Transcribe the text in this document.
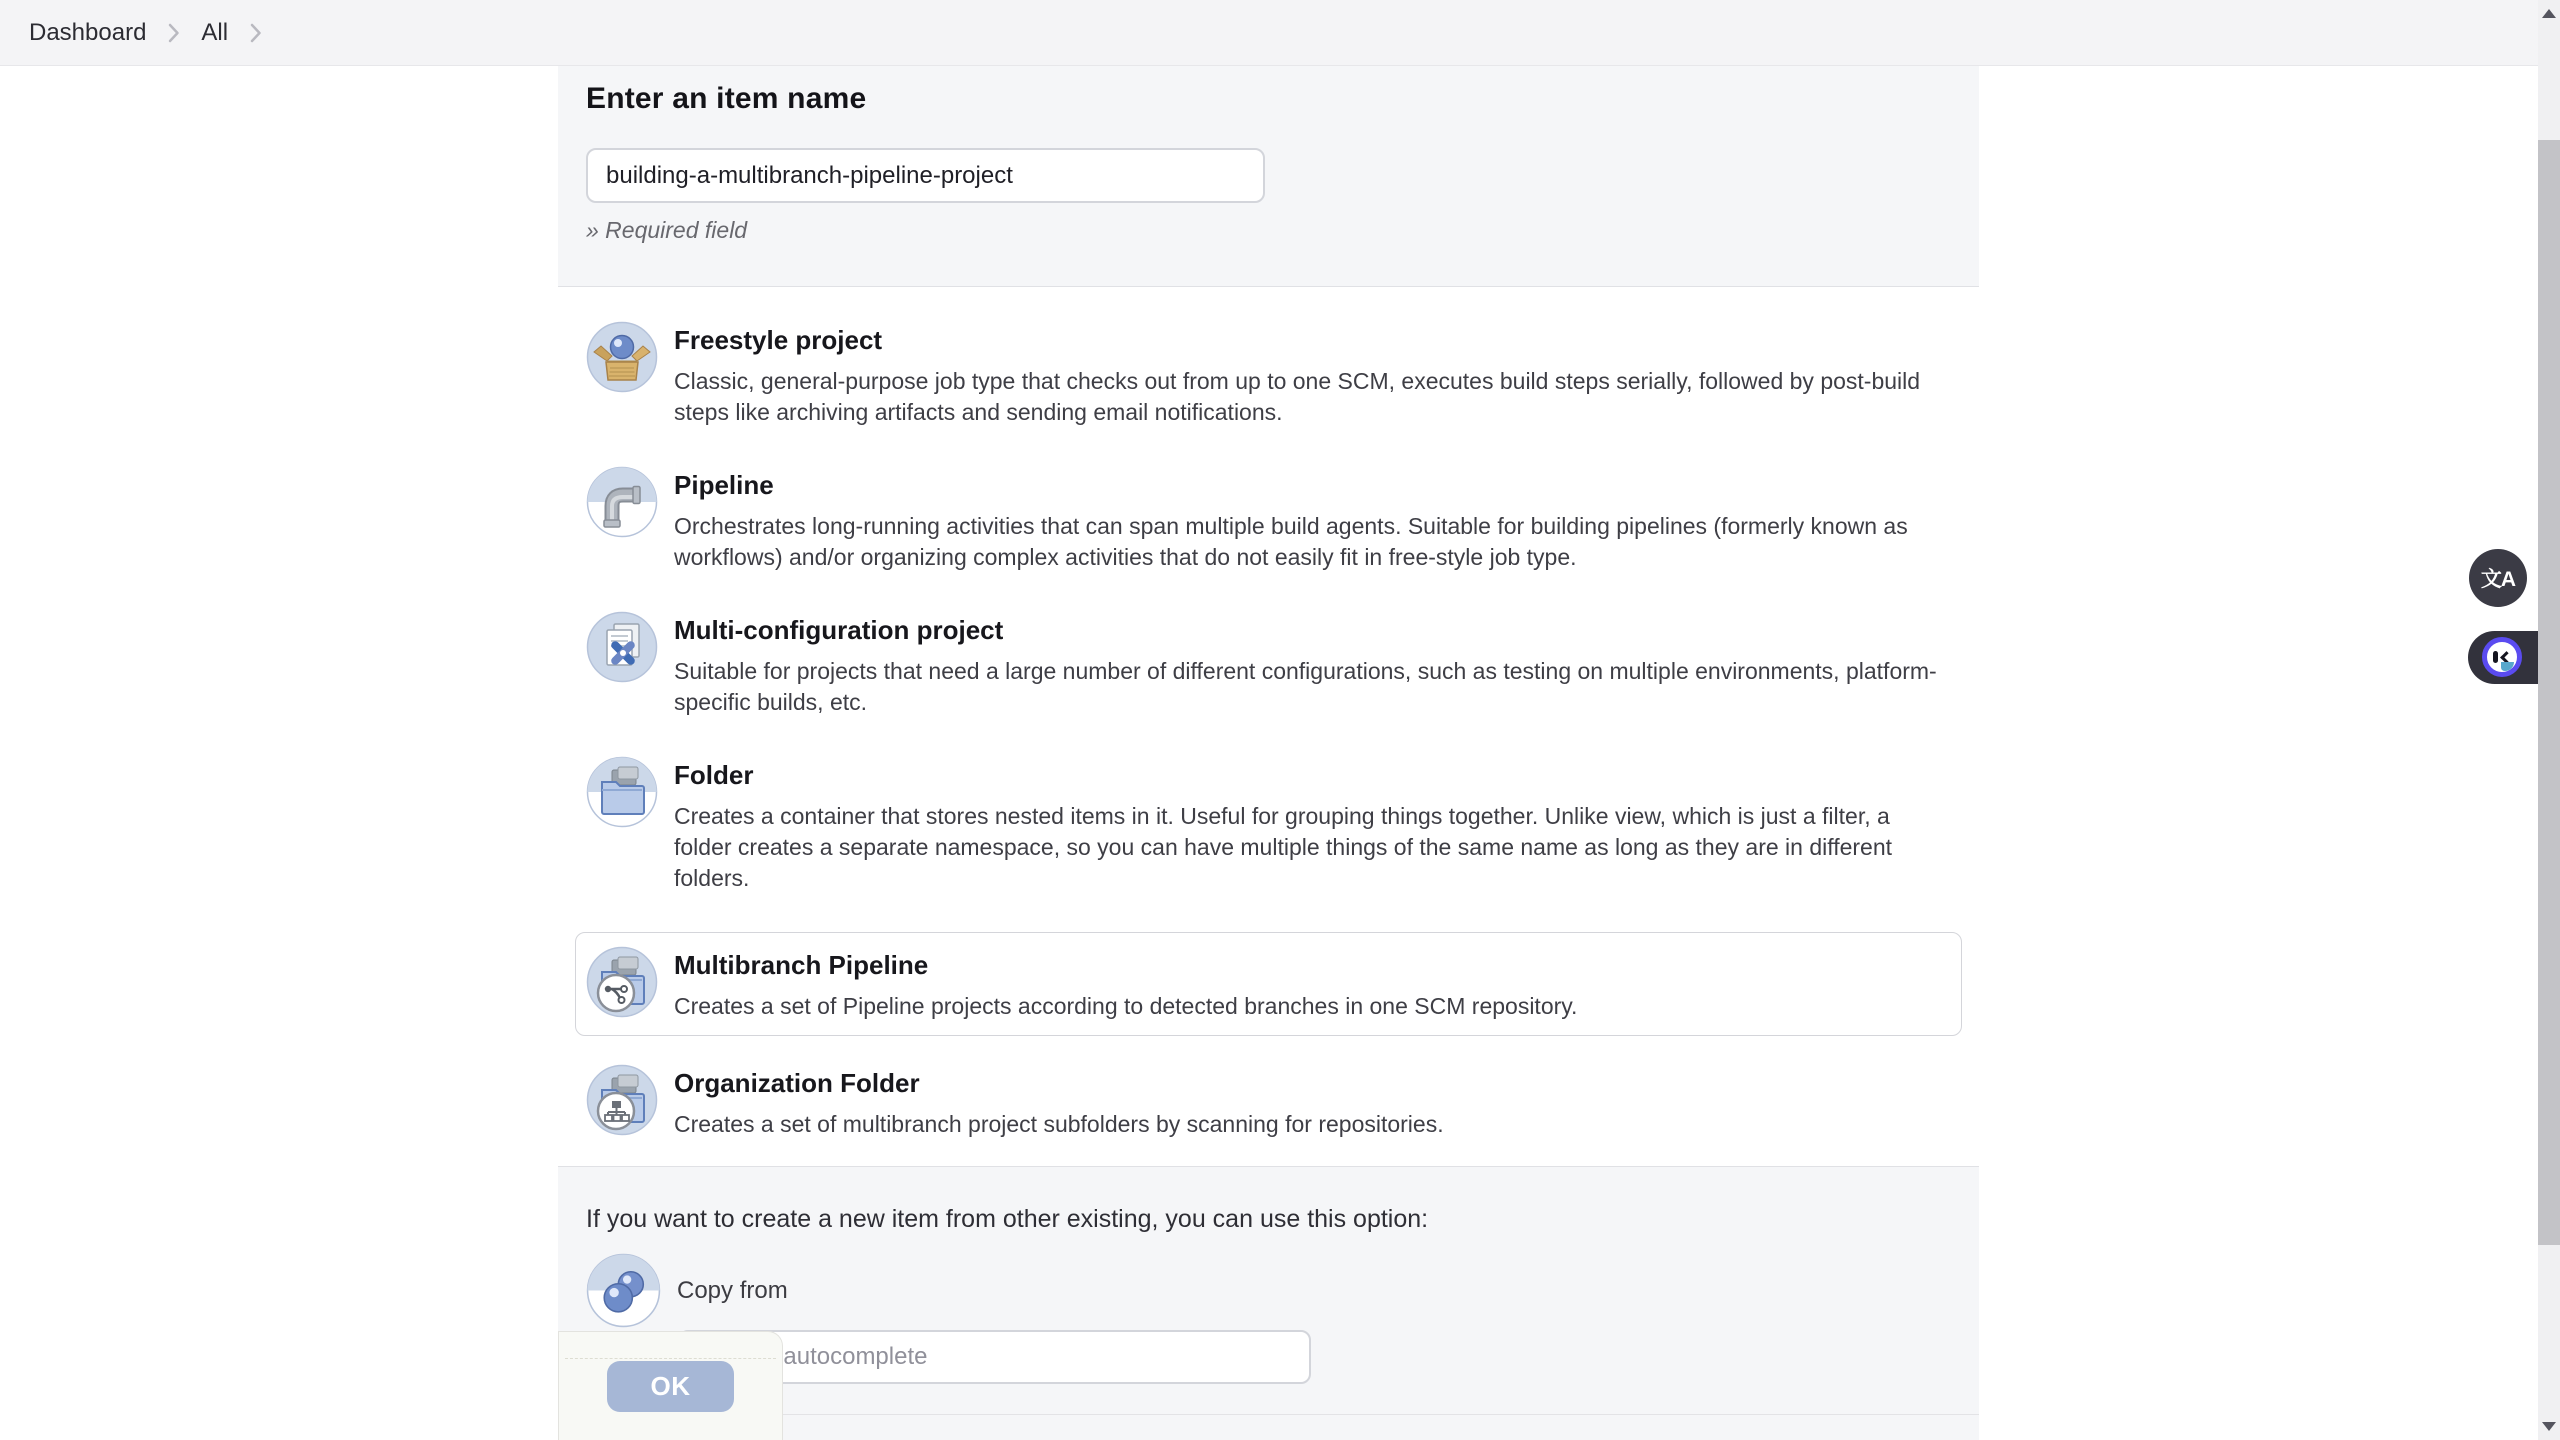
Dashboard All
Enter an item name
building-a-multibranch-pipeline-project
» Required field
Freestyle project
Classic, general-purpose job type that checks out from up to one SCM, executes build steps serially, followed by post-build steps like archiving artifacts and sending email notifications.
Pipeline
Orchestrates long-running activities that can span multiple build agents. Suitable for building pipelines (formerly known as workflows) and/or organizing complex activities that do not easily fit in free-style job type.
Multi-configuration project
Suitable for projects that need a large number of different configurations, such as testing on multiple environments, platform-specific builds, etc.
Folder
Creates a container that stores nested items in it. Useful for grouping things together. Unlike view, which is just a filter, a folder creates a separate namespace, so you can have multiple things of the same name as long as they are in different folders.
Multibranch Pipeline
Creates a set of Pipeline projects according to detected branches in one SCM repository.
Organization Folder
Creates a set of multibranch project subfolders by scanning for repositories.
If you want to create a new item from other existing, you can use this option:
Copy from
Type to autocomplete
OK
文A
